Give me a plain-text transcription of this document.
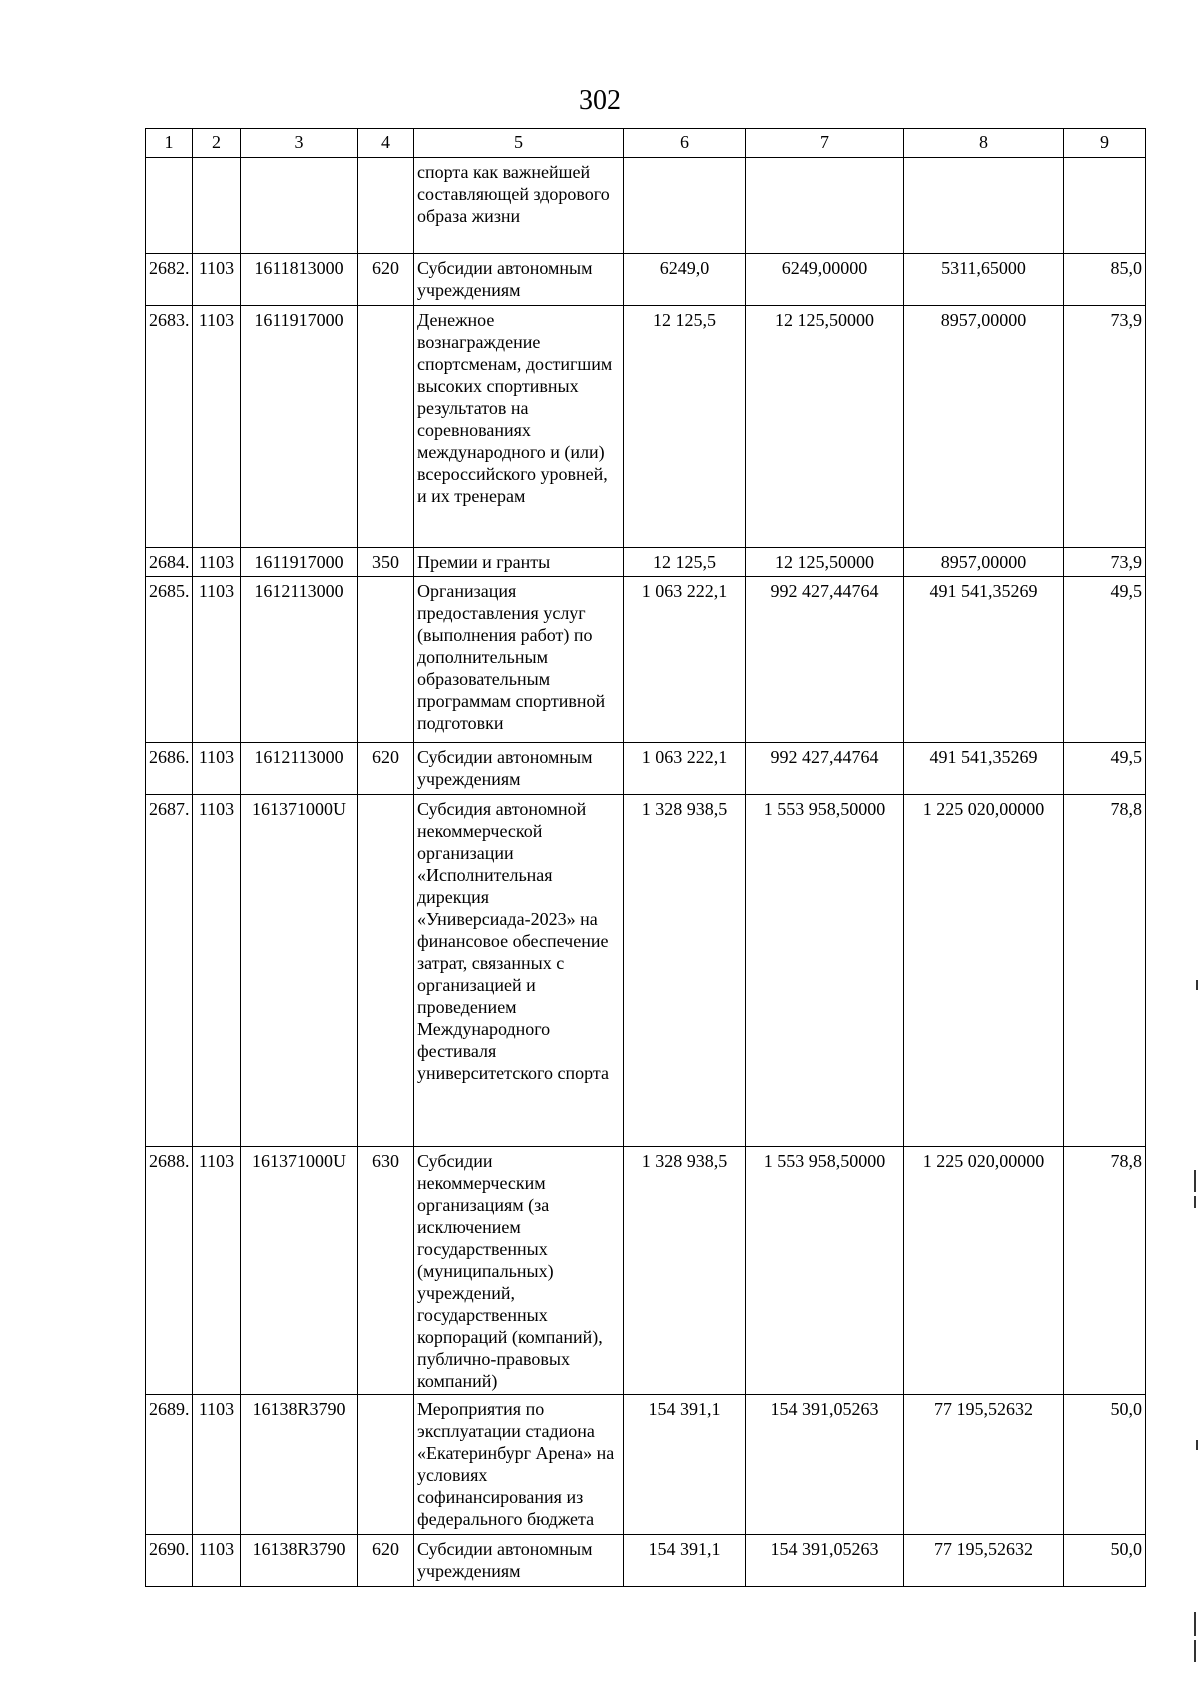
302
1	2	3	4	5	6	7	8	9
				спорта как важнейшей составляющей здорового образа жизни				
2682.	1103	1611813000	620	Субсидии автономным учреждениям	6249,0	6249,00000	5311,65000	85,0
2683.	1103	1611917000		Денежное вознаграждение спортсменам, достигшим высоких спортивных результатов на соревнованиях международного и (или) всероссийского уровней, и их тренерам	12 125,5	12 125,50000	8957,00000	73,9
2684.	1103	1611917000	350	Премии и гранты	12 125,5	12 125,50000	8957,00000	73,9
2685.	1103	1612113000		Организация предоставления услуг (выполнения работ) по дополнительным образовательным программам спортивной подготовки	1 063 222,1	992 427,44764	491 541,35269	49,5
2686.	1103	1612113000	620	Субсидии автономным учреждениям	1 063 222,1	992 427,44764	491 541,35269	49,5
2687.	1103	161371000U		Субсидия автономной некоммерческой организации «Исполнительная дирекция «Универсиада-2023» на финансовое обеспечение затрат, связанных с организацией и проведением Международного фестиваля университетского спорта	1 328 938,5	1 553 958,50000	1 225 020,00000	78,8
2688.	1103	161371000U	630	Субсидии некоммерческим организациям (за исключением государственных (муниципальных) учреждений, государственных корпораций (компаний), публично-правовых компаний)	1 328 938,5	1 553 958,50000	1 225 020,00000	78,8
2689.	1103	16138R3790		Мероприятия по эксплуатации стадиона «Екатеринбург Арена» на условиях софинансирования из федерального бюджета	154 391,1	154 391,05263	77 195,52632	50,0
2690.	1103	16138R3790	620	Субсидии автономным учреждениям	154 391,1	154 391,05263	77 195,52632	50,0
